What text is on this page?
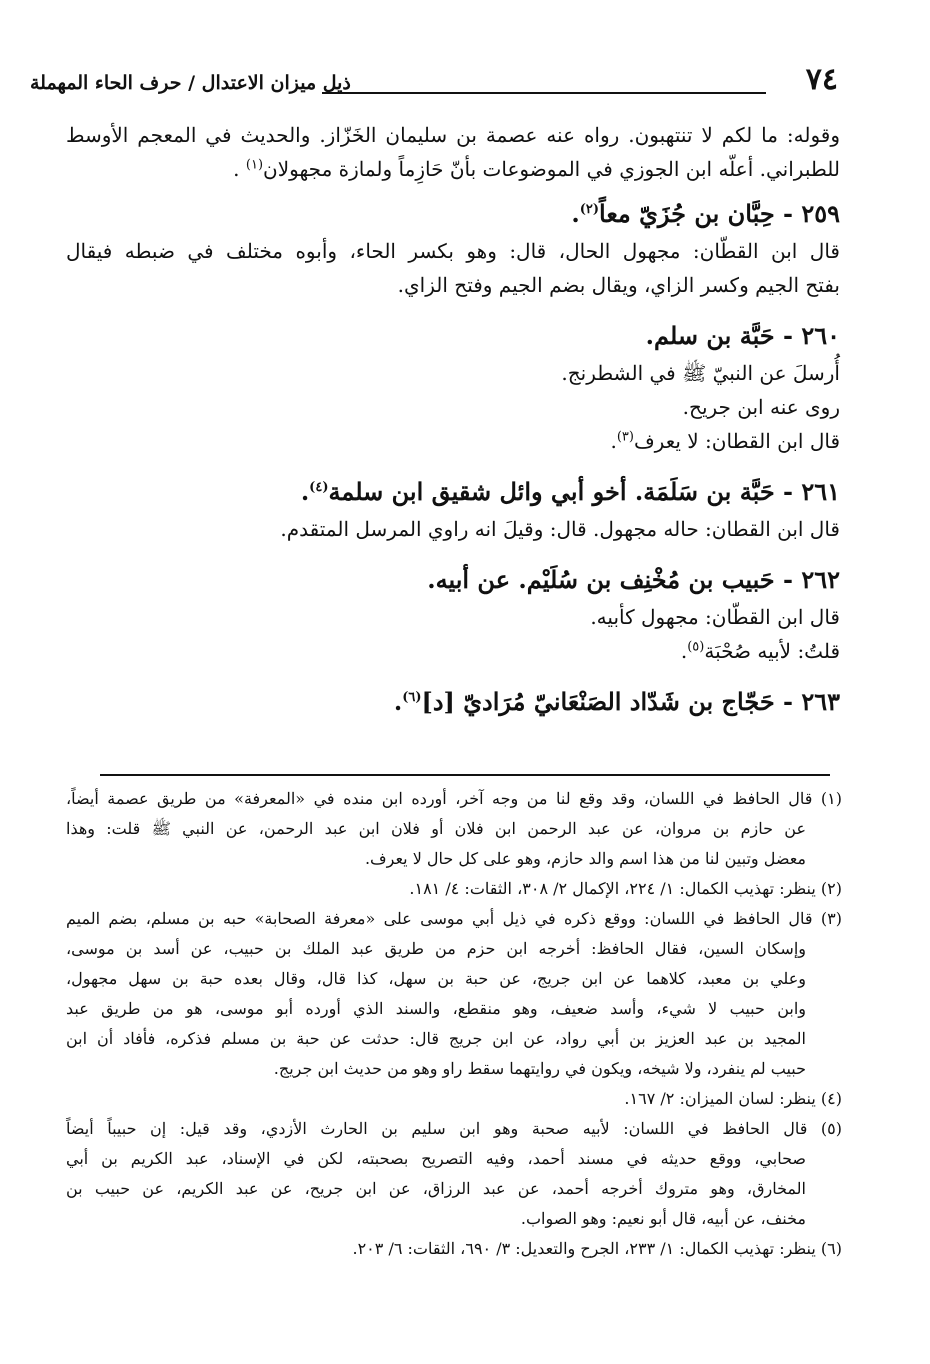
٧٤
ذيل ميزان الاعتدال / حرف الحاء المهملة

وقوله: ما لكم لا تنتهبون. رواه عنه عصمة بن سليمان الخَزّاز. والحديث في المعجم الأوسط

للطبراني. أعلّه ابن الجوزي في الموضوعات بأنّ حَازِماً ولمازة مجهولان$^{(١)}$ .

٢٥٩ - حِبَّان بن جُزَيّ معاً$^{(٢)}$.

قال ابن القطّان: مجهول الحال، قال: وهو بكسر الحاء، وأبوه مختلف في ضبطه فيقال

بفتح الجيم وكسر الزاي، ويقال بضم الجيم وفتح الزاي.

٢٦٠ - حَبَّة بن سلم.

أُرسلَ عن النبيّ ﷺ في الشطرنج.

روى عنه ابن جريح.

قال ابن القطان: لا يعرف$^{(٣)}$.

٢٦١ - حَبَّة بن سَلَمَة. أخو أبي وائل شقيق ابن سلمة$^{(٤)}$.

قال ابن القطان: حاله مجهول. قال: وقيلَ انه راوي المرسل المتقدم.

٢٦٢ - حَبيب بن مُخْنِف بن سُلَيْم. عن أبيه.

قال ابن القطّان: مجهول كأبيه.

قلتُ: لأبيه صُحْبَة$^{(٥)}$.

٢٦٣ - حَجّاج بن شَدّاد الصَنْعَانيّ مُرَاديّ [د]$^{(٦)}$.

(١) قال الحافظ في اللسان، وقد وقع لنا من وجه آخر، أورده ابن منده في «المعرفة» من طريق عصمة أيضاً،

عن حازم بن مروان، عن عبد الرحمن ابن فلان أو فلان ابن عبد الرحمن، عن النبي ﷺ قلت: وهذا

معضل وتبين لنا من هذا اسم والد حازم، وهو على كل حال لا يعرف.

(٢) ينظر: تهذيب الكمال: ١/ ٢٢٤، الإكمال ٢/ ٣٠٨، الثقات: ٤/ ١٨١.

(٣) قال الحافظ في اللسان: ووقع ذكره في ذيل أبي موسى على «معرفة الصحابة» حبه بن مسلم، بضم الميم

وإسكان السين، فقال الحافظ: أخرجه ابن حزم من طريق عبد الملك بن حبيب، عن أسد بن موسى،

وعلي بن معبد، كلاهما عن ابن جريج، عن حبة بن سهل، كذا قال، وقال بعده حبة بن سهل مجهول،

وابن حبيب لا شيء، وأسد ضعيف، وهو منقطع، والسند الذي أورده أبو موسى، هو من طريق عبد

المجيد بن عبد العزيز بن أبي رواد، عن ابن جريج قال: حدثت عن حبة بن مسلم فذكره، فأفاد أن ابن

حبيب لم ينفرد، ولا شيخه، ويكون في روايتهما سقط راو وهو من حديث ابن جريج.

(٤) ينظر: لسان الميزان: ٢/ ١٦٧.

(٥) قال الحافظ في اللسان: لأبيه صحبة وهو ابن سليم بن الحارث الأزدي، وقد قيل: إن حبيباً أيضاً

صحابي، ووقع حديثه في مسند أحمد، وفيه التصريح بصحبته، لكن في الإسناد، عبد الكريم بن أبي

المخارق، وهو متروك أخرجه أحمد، عن عبد الرزاق، عن ابن جريح، عن عبد الكريم، عن حبيب بن

مخنف، عن أبيه، قال أبو نعيم: وهو الصواب.

(٦) ينظر: تهذيب الكمال: ١/ ٢٣٣، الجرح والتعديل: ٣/ ٦٩٠، الثقات: ٦/ ٢٠٣.
